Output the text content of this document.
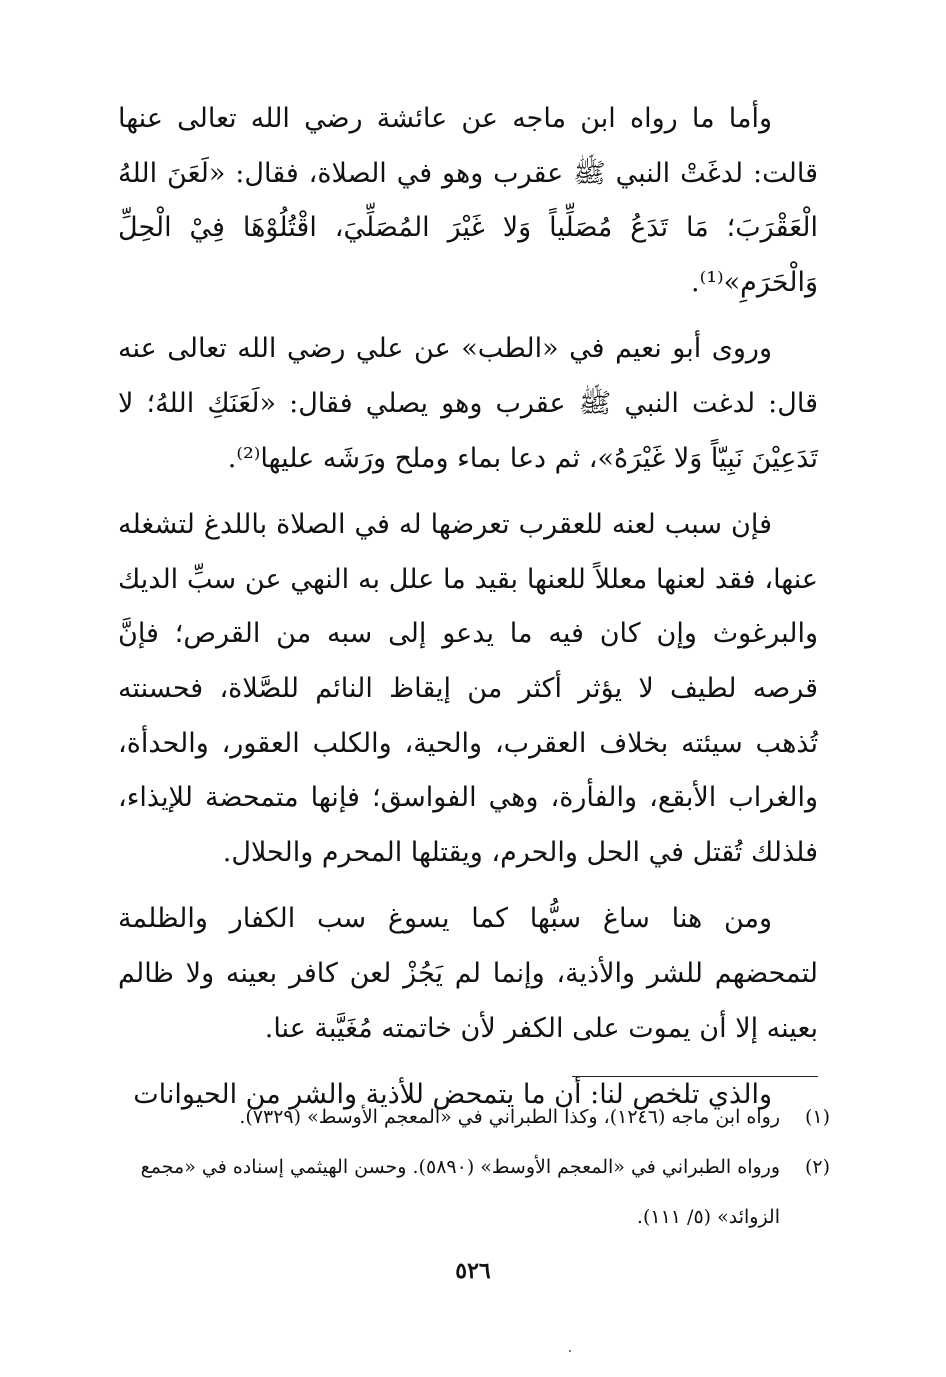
وأما ما رواه ابن ماجه عن عائشة رضي الله تعالى عنها قالت: لدغَتْ النبي ﷺ عقرب وهو في الصلاة، فقال: «لَعَنَ اللهُ الْعَقْرَبَ؛ مَا تَدَعُ مُصَلِّياً وَلا غَيْرَ المُصَلِّيَ، اقْتُلُوْهَا فِيْ الْحِلِّ وَالْحَرَمِ»⁽¹⁾.

وروى أبو نعيم في «الطب» عن علي رضي الله تعالى عنه قال: لدغت النبي ﷺ عقرب وهو يصلي فقال: «لَعَنَكِ اللهُ؛ لا تَدَعِيْنَ نَبِيّاً وَلا غَيْرَهُ»، ثم دعا بماء وملح ورَشَه عليها⁽²⁾.

فإن سبب لعنه للعقرب تعرضها له في الصلاة باللدغ لتشغله عنها، فقد لعنها معللاً للعنها بقيد ما علل به النهي عن سبِّ الديك والبرغوث وإن كان فيه ما يدعو إلى سبه من القرص؛ فإنَّ قرصه لطيف لا يؤثر أكثر من إيقاظ النائم للصَّلاة، فحسنته تُذهب سيئته بخلاف العقرب، والحية، والكلب العقور، والحدأة، والغراب الأبقع، والفأرة، وهي الفواسق؛ فإنها متمحضة للإيذاء، فلذلك تُقتل في الحل والحرم، ويقتلها المحرم والحلال.

ومن هنا ساغ سبُّها كما يسوغ سب الكفار والظلمة لتمحضهم للشر والأذية، وإنما لم يَجُزْ لعن كافر بعينه ولا ظالم بعينه إلا أن يموت على الكفر لأن خاتمته مُغَيَّبة عنا.

والذي تلخص لنا: أن ما يتمحض للأذية والشر من الحيوانات

(١)
رواه ابن ماجه (١٢٤٦)، وكذا الطبراني في «المعجم الأوسط» (٧٣٢٩).
(٢)
ورواه الطبراني في «المعجم الأوسط» (٥٨٩٠). وحسن الهيثمي إسناده في «مجمع الزوائد» (٥/ ١١١).
٥٢٦
